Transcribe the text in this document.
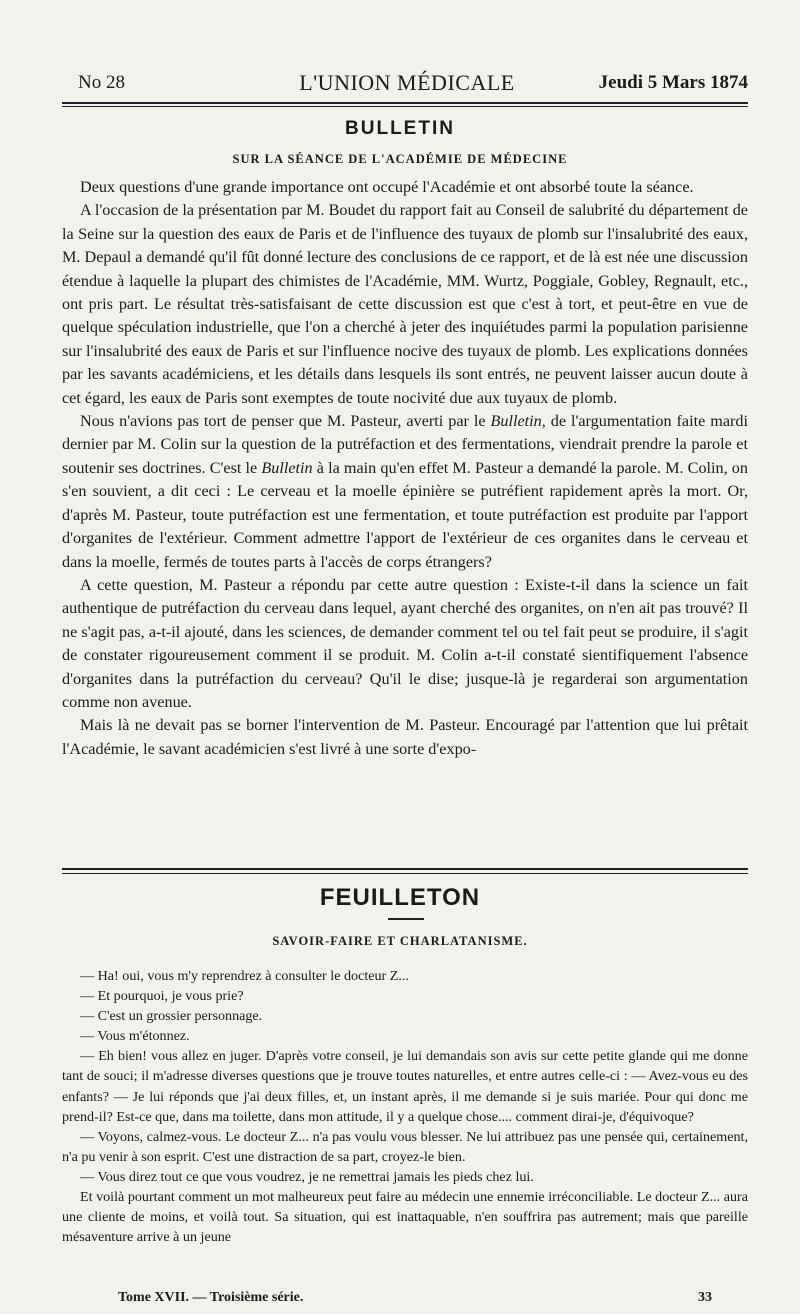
No 28	L'UNION MÉDICALE	Jeudi 5 Mars 1874
BULLETIN
SUR LA SÉANCE DE L'ACADÉMIE DE MÉDECINE

Deux questions d'une grande importance ont occupé l'Académie et ont absorbé toute la séance.

A l'occasion de la présentation par M. Boudet du rapport fait au Conseil de salubrité du département de la Seine sur la question des eaux de Paris et de l'influence des tuyaux de plomb sur l'insalubrité des eaux, M. Depaul a demandé qu'il fût donné lecture des conclusions de ce rapport, et de là est née une discussion étendue à laquelle la plupart des chimistes de l'Académie, MM. Wurtz, Poggiale, Gobley, Regnault, etc., ont pris part. Le résultat très-satisfaisant de cette discussion est que c'est à tort, et peut-être en vue de quelque spéculation industrielle, que l'on a cherché à jeter des inquiétudes parmi la population parisienne sur l'insalubrité des eaux de Paris et sur l'influence nocive des tuyaux de plomb. Les explications données par les savants académiciens, et les détails dans lesquels ils sont entrés, ne peuvent laisser aucun doute à cet égard, les eaux de Paris sont exemptes de toute nocivité due aux tuyaux de plomb.

Nous n'avions pas tort de penser que M. Pasteur, averti par le Bulletin, de l'argumentation faite mardi dernier par M. Colin sur la question de la putréfaction et des fermentations, viendrait prendre la parole et soutenir ses doctrines. C'est le Bulletin à la main qu'en effet M. Pasteur a demandé la parole. M. Colin, on s'en souvient, a dit ceci : Le cerveau et la moelle épinière se putréfient rapidement après la mort. Or, d'après M. Pasteur, toute putréfaction est une fermentation, et toute putréfaction est produite par l'apport d'organites de l'extérieur. Comment admettre l'apport de l'extérieur de ces organites dans le cerveau et dans la moelle, fermés de toutes parts à l'accès de corps étrangers?

A cette question, M. Pasteur a répondu par cette autre question : Existe-t-il dans la science un fait authentique de putréfaction du cerveau dans lequel, ayant cherché des organites, on n'en ait pas trouvé? Il ne s'agit pas, a-t-il ajouté, dans les sciences, de demander comment tel ou tel fait peut se produire, il s'agit de constater rigoureusement comment il se produit. M. Colin a-t-il constaté sientifiquement l'absence d'organites dans la putréfaction du cerveau? Qu'il le dise; jusque-là je regarderai son argumentation comme non avenue.

Mais là ne devait pas se borner l'intervention de M. Pasteur. Encouragé par l'attention que lui prêtait l'Académie, le savant académicien s'est livré à une sorte d'expo-

FEUILLETON
SAVOIR-FAIRE ET CHARLATANISME.

— Ha! oui, vous m'y reprendrez à consulter le docteur Z...

— Et pourquoi, je vous prie?

— C'est un grossier personnage.

— Vous m'étonnez.

— Eh bien! vous allez en juger. D'après votre conseil, je lui demandais son avis sur cette petite glande qui me donne tant de souci; il m'adresse diverses questions que je trouve toutes naturelles, et entre autres celle-ci : — Avez-vous eu des enfants? — Je lui réponds que j'ai deux filles, et, un instant après, il me demande si je suis mariée. Pour qui donc me prend-il? Est-ce que, dans ma toilette, dans mon attitude, il y a quelque chose.... comment dirai-je, d'équivoque?

— Voyons, calmez-vous. Le docteur Z... n'a pas voulu vous blesser. Ne lui attribuez pas une pensée qui, certainement, n'a pu venir à son esprit. C'est une distraction de sa part, croyez-le bien.

— Vous direz tout ce que vous voudrez, je ne remettrai jamais les pieds chez lui.

Et voilà pourtant comment un mot malheureux peut faire au médecin une ennemie irréconciliable. Le docteur Z... aura une cliente de moins, et voilà tout. Sa situation, qui est inattaquable, n'en souffrira pas autrement; mais que pareille mésaventure arrive à un jeune

Tome XVII. — Troisième série.	33
